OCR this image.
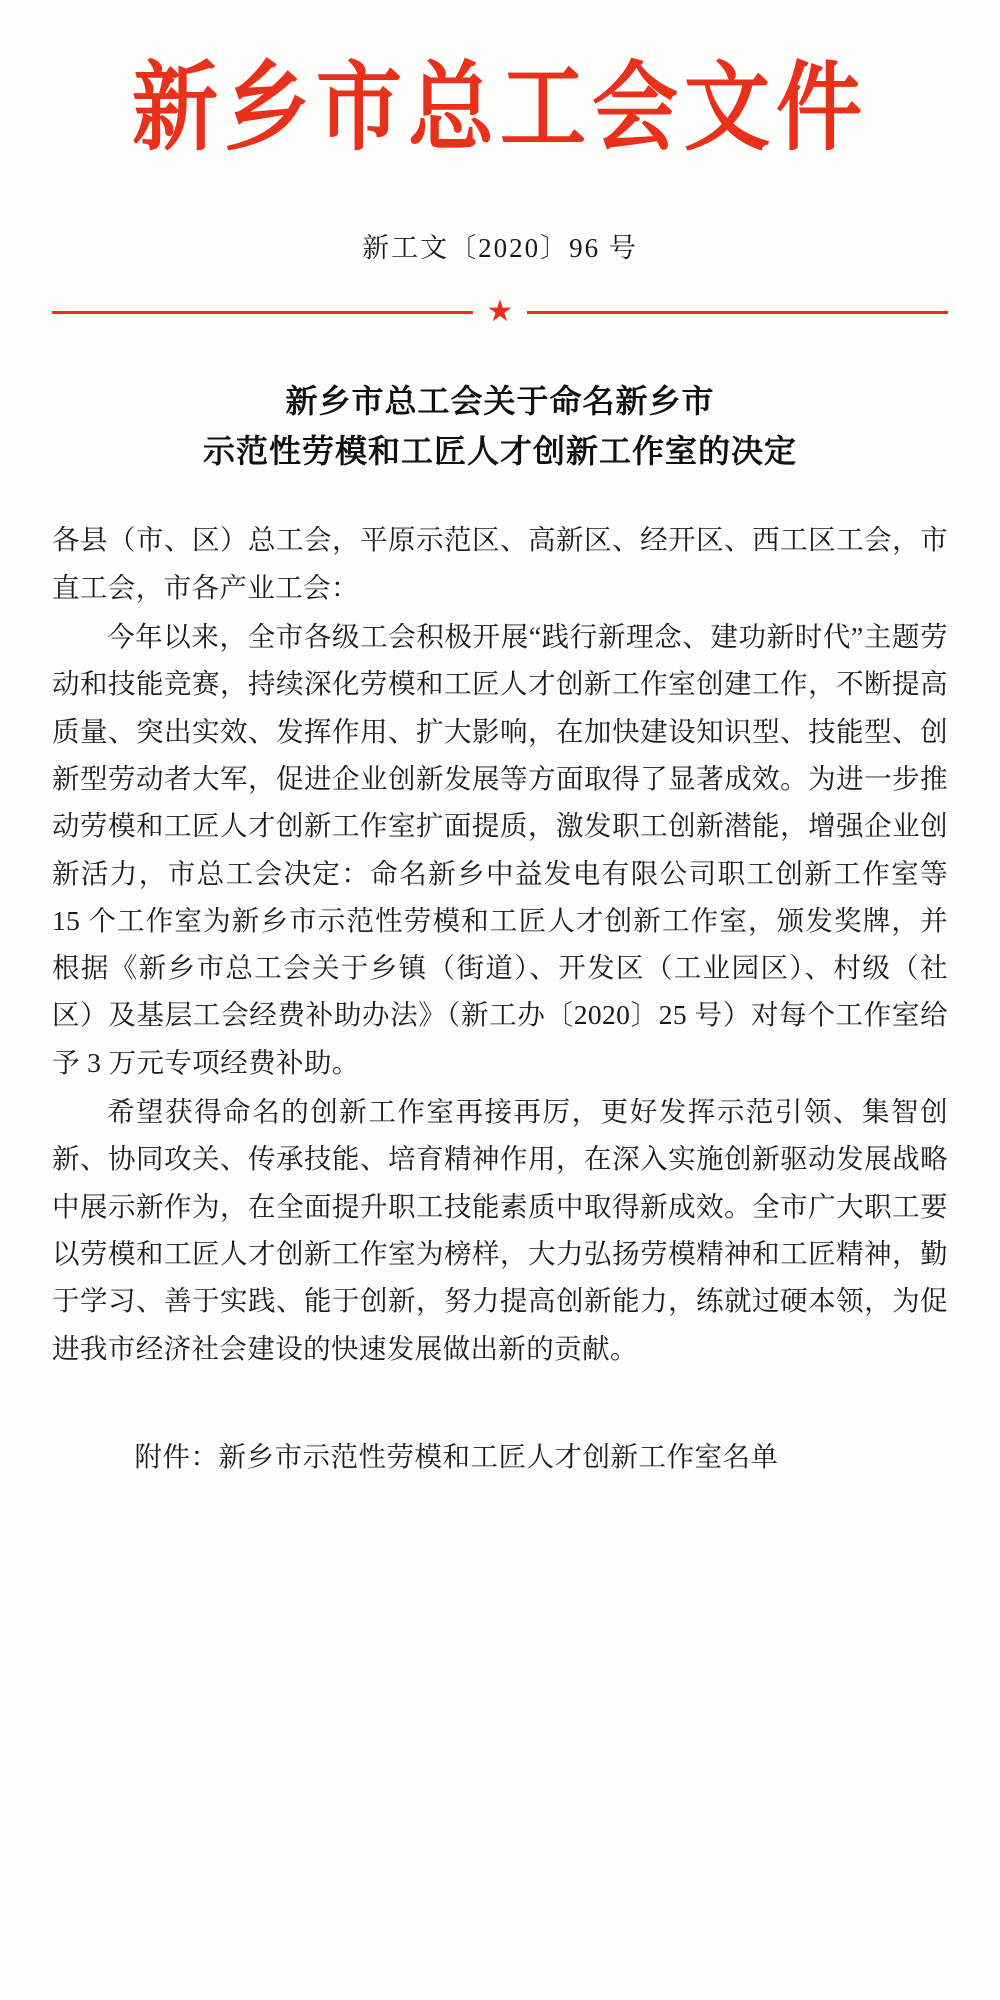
新乡市总工会文件
新工文〔2020〕96 号
★
新乡市总工会关于命名新乡市
示范性劳模和工匠人才创新工作室的决定

各县（市、区）总工会，平原示范区、高新区、经开区、西工区工会，市直工会，市各产业工会：

今年以来，全市各级工会积极开展“践行新理念、建功新时代”主题劳动和技能竞赛，持续深化劳模和工匠人才创新工作室创建工作，不断提高质量、突出实效、发挥作用、扩大影响，在加快建设知识型、技能型、创新型劳动者大军，促进企业创新发展等方面取得了显著成效。为进一步推动劳模和工匠人才创新工作室扩面提质，激发职工创新潜能，增强企业创新活力，市总工会决定：命名新乡中益发电有限公司职工创新工作室等 15 个工作室为新乡市示范性劳模和工匠人才创新工作室，颁发奖牌，并根据《新乡市总工会关于乡镇（街道）、开发区（工业园区）、村级（社区）及基层工会经费补助办法》（新工办〔2020〕25 号）对每个工作室给予 3 万元专项经费补助。

希望获得命名的创新工作室再接再厉，更好发挥示范引领、集智创新、协同攻关、传承技能、培育精神作用，在深入实施创新驱动发展战略中展示新作为，在全面提升职工技能素质中取得新成效。全市广大职工要以劳模和工匠人才创新工作室为榜样，大力弘扬劳模精神和工匠精神，勤于学习、善于实践、能于创新，努力提高创新能力，练就过硬本领，为促进我市经济社会建设的快速发展做出新的贡献。

附件：新乡市示范性劳模和工匠人才创新工作室名单
